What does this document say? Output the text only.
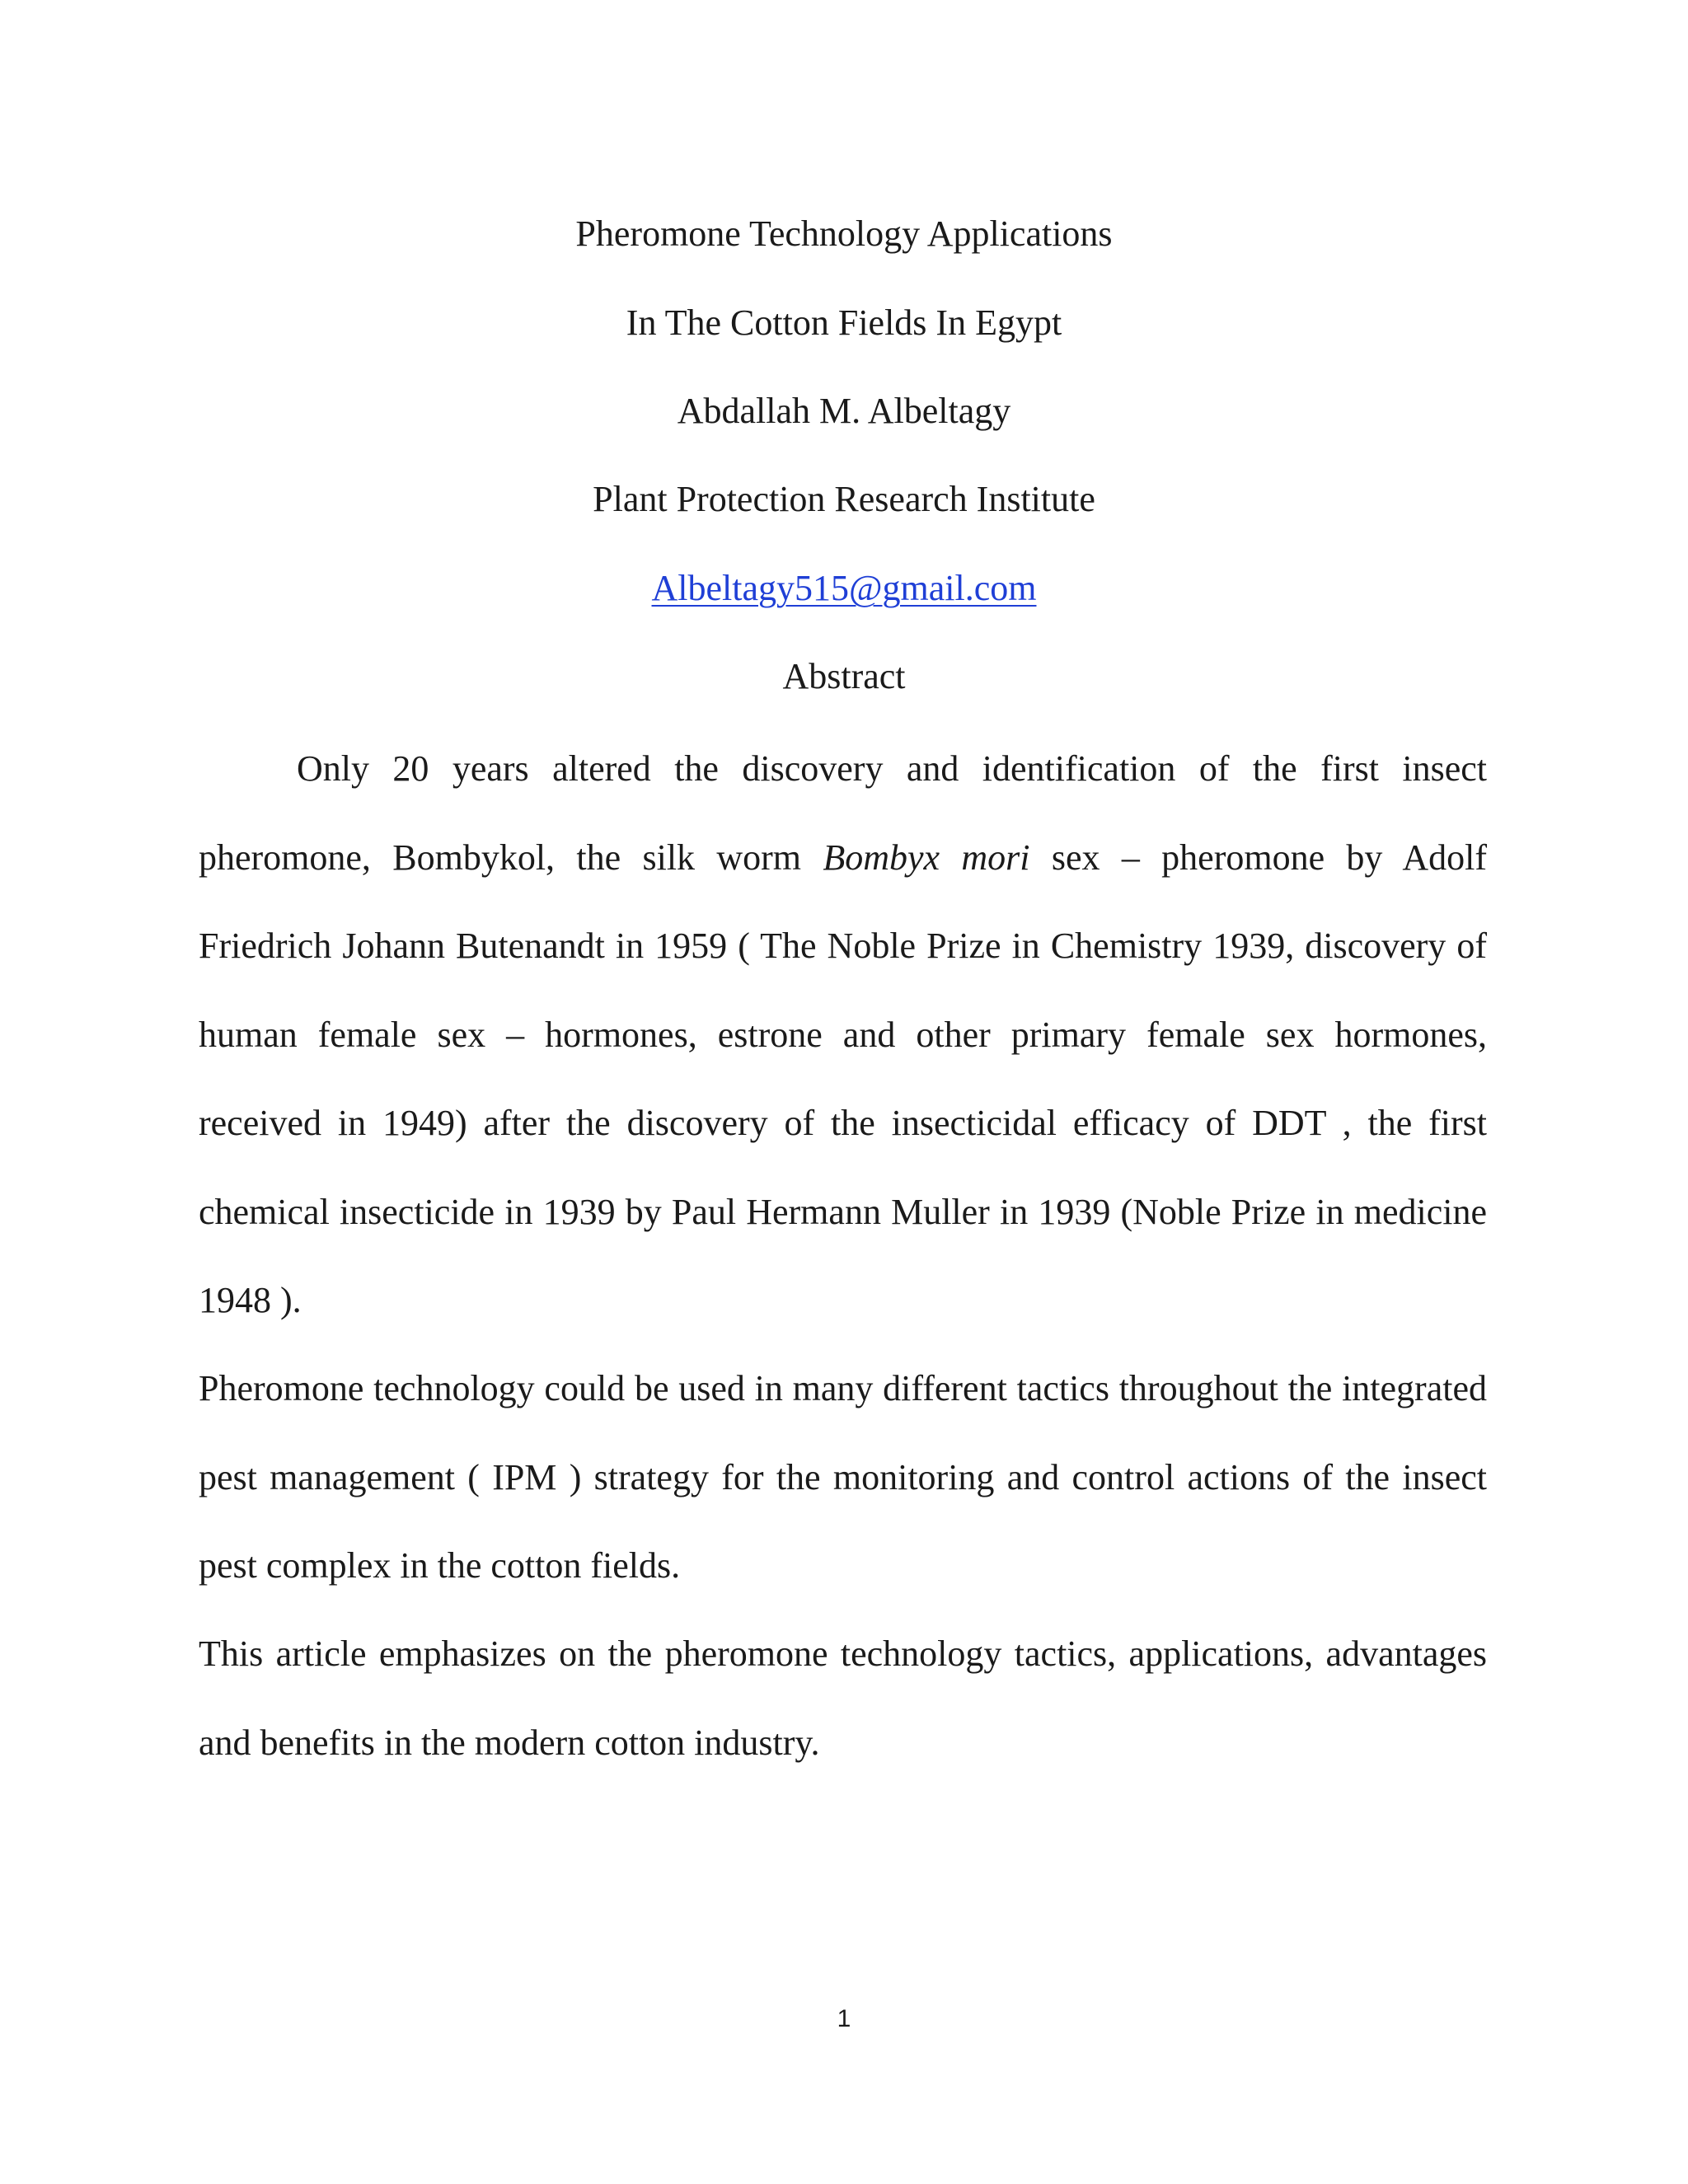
Pheromone Technology Applications
In The Cotton Fields In Egypt
Abdallah M. Albeltagy
Plant Protection Research Institute
Albeltagy515@gmail.com
Abstract

Only 20 years altered the discovery and identification of the first insect pheromone, Bombykol, the silk worm Bombyx mori sex – pheromone by Adolf Friedrich Johann Butenandt in 1959 ( The Noble Prize in Chemistry 1939, discovery of human female sex – hormones, estrone and other primary female sex hormones, received in 1949) after the discovery of the insecticidal efficacy of DDT , the first chemical insecticide in 1939 by Paul Hermann Muller in 1939 (Noble Prize in medicine 1948 ).

Pheromone technology could be used in many different tactics throughout the integrated pest management ( IPM ) strategy for the monitoring and control actions of the insect pest complex in the cotton fields.

This article emphasizes on the pheromone technology tactics, applications, advantages and benefits in the modern cotton industry.

1
